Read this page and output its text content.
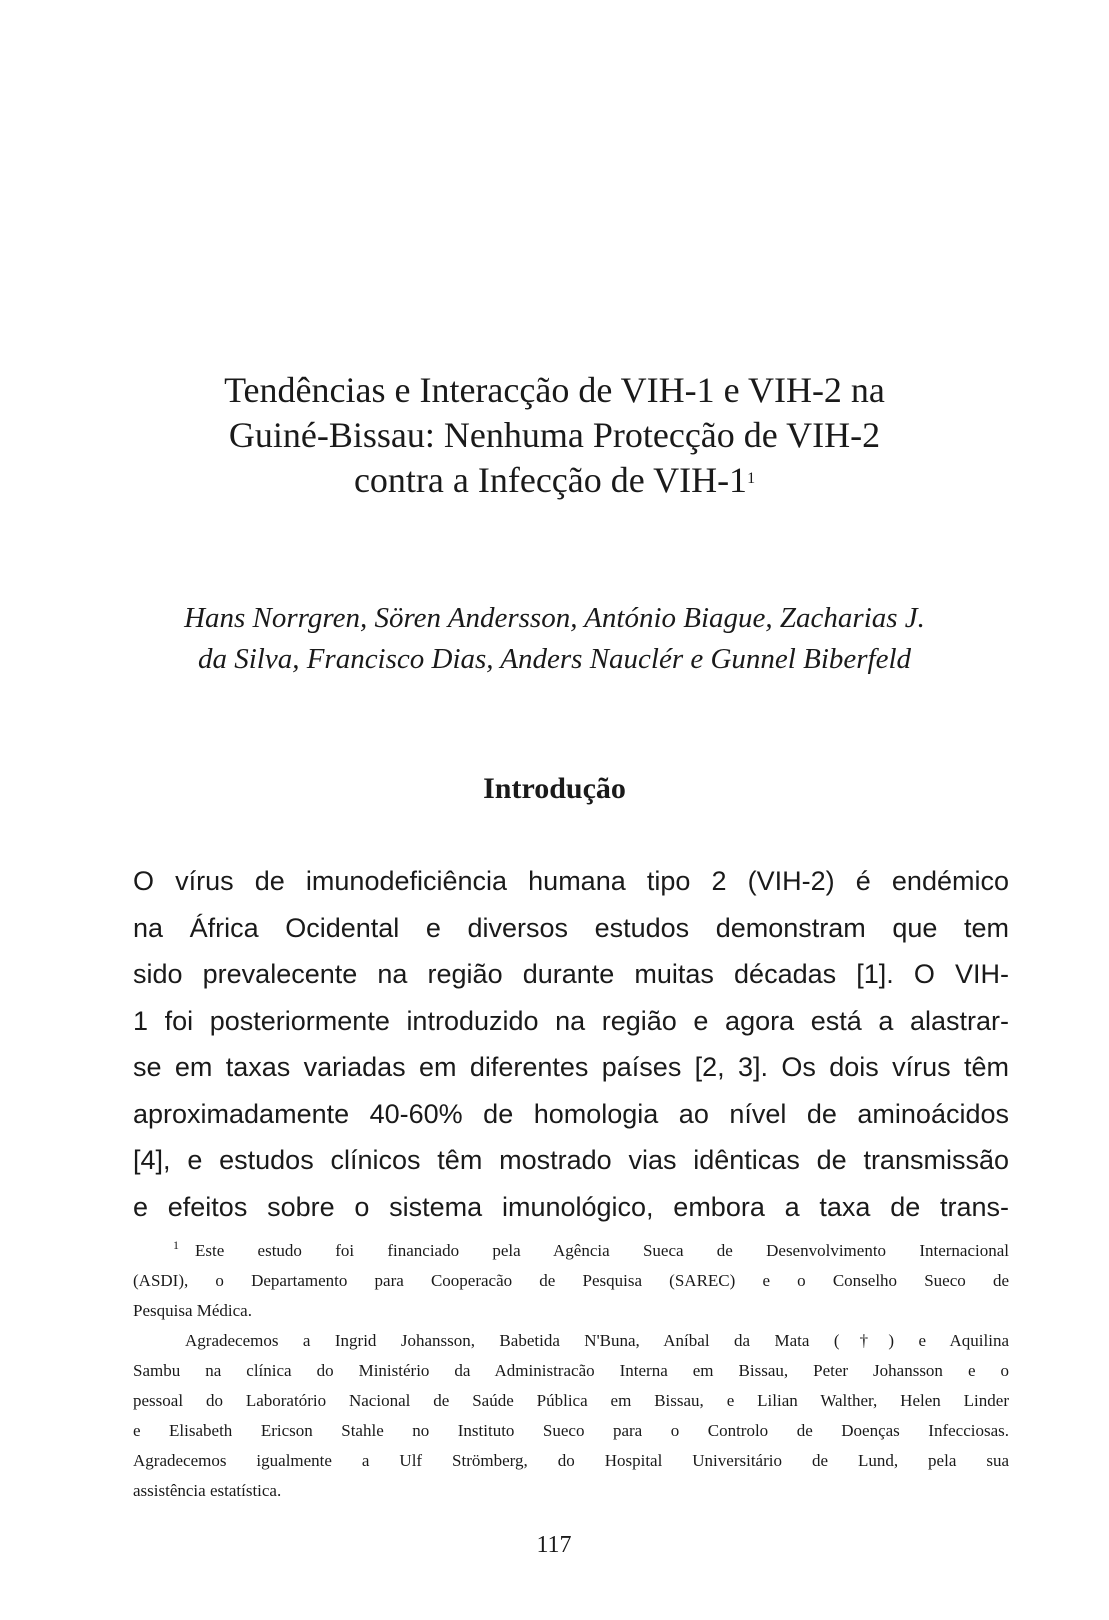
Tendências e Interacção de VIH-1 e VIH-2 na
Guiné-Bissau: Nenhuma Protecção de VIH-2
contra a Infecção de VIH-$1^1$

Hans Norrgren, Sören Andersson, António Biague, Zacharias J.
da Silva, Francisco Dias, Anders Nauclér e Gunnel Biberfeld

Introdução
O vírus de imunodeficiência humana tipo 2 (VIH-2) é endémico
na África Ocidental e diversos estudos demonstram que tem
sido prevalecente na região durante muitas décadas [1]. O VIH-
1 foi posteriormente introduzido na região e agora está a alastrar-
se em taxas variadas em diferentes países [2, 3]. Os dois vírus têm
aproximadamente 40-60% de homologia ao nível de aminoácidos
[4], e estudos clínicos têm mostrado vias idênticas de transmissão
e efeitos sobre o sistema imunológico, embora a taxa de trans-
$^1$ Este estudo foi financiado pela Agência Sueca de Desenvolvimento Internacional
(ASDI), o Departamento para Cooperacão de Pesquisa (SAREC) e o Conselho Sueco de
Pesquisa Médica.
Agradecemos a Ingrid Johansson, Babetida N'Buna, Aníbal da Mata (†) e Aquilina
Sambu na clínica do Ministério da Administracão Interna em Bissau, Peter Johansson e o
pessoal do Laboratório Nacional de Saúde Pública em Bissau, e Lilian Walther, Helen Linder
e Elisabeth Ericson Stahle no Instituto Sueco para o Controlo de Doenças Infecciosas.
Agradecemos igualmente a Ulf Strömberg, do Hospital Universitário de Lund, pela sua
assistência estatística.
117
